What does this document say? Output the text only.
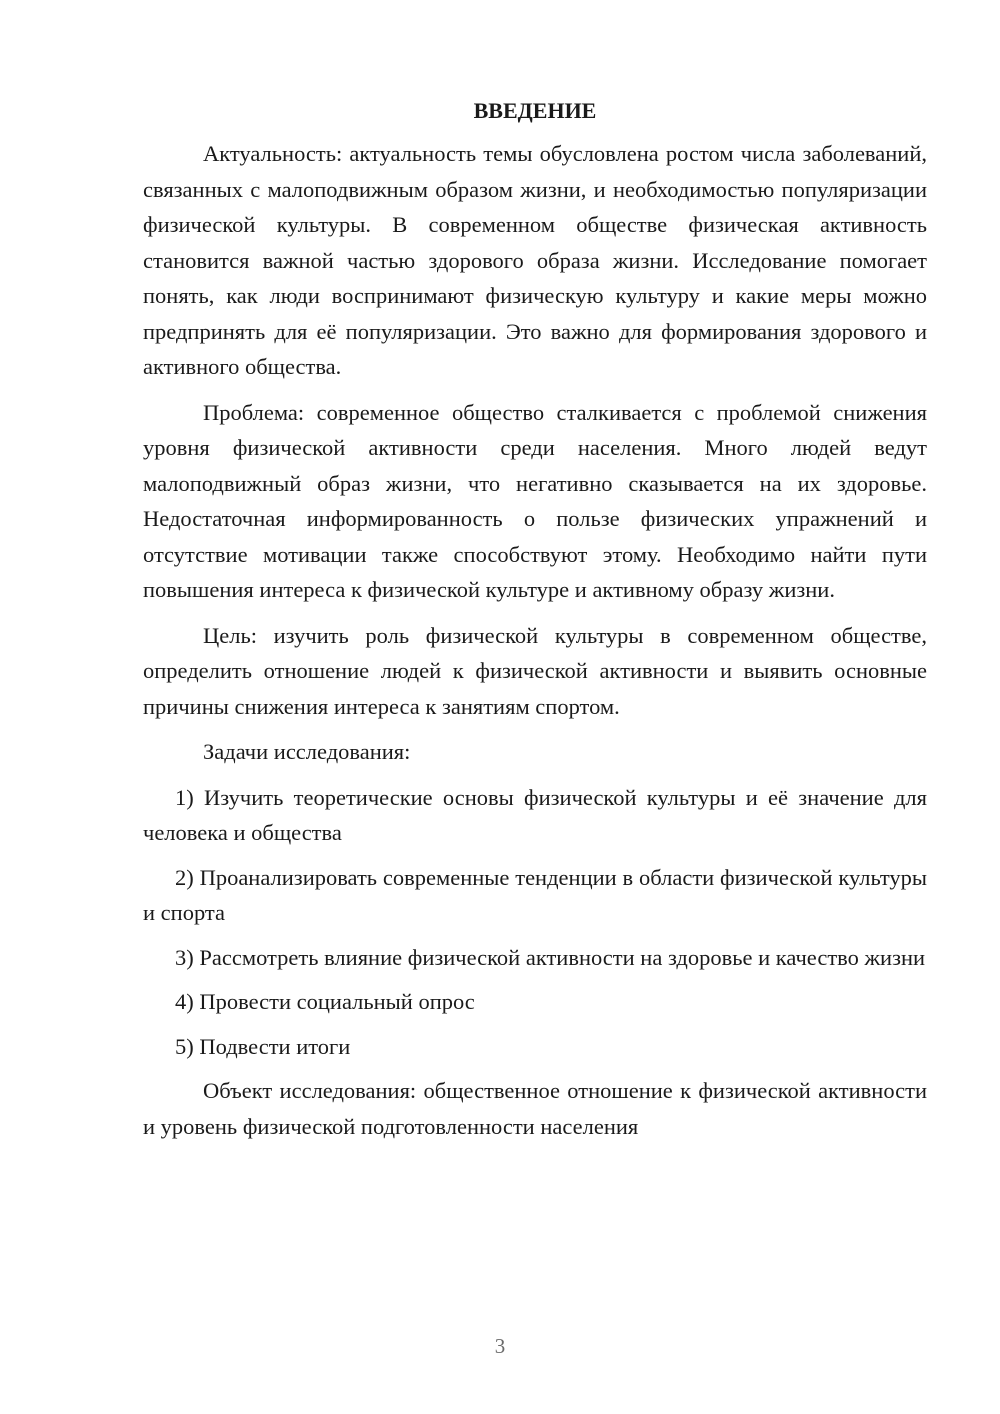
ВВЕДЕНИЕ

Актуальность: актуальность темы обусловлена ростом числа заболеваний, связанных с малоподвижным образом жизни, и необходимостью популяризации физической культуры. В современном обществе физическая активность становится важной частью здорового образа жизни. Исследование помогает понять, как люди воспринимают физическую культуру и какие меры можно предпринять для её популяризации. Это важно для формирования здорового и активного общества.

Проблема: современное общество сталкивается с проблемой снижения уровня физической активности среди населения. Много людей ведут малоподвижный образ жизни, что негативно сказывается на их здоровье. Недостаточная информированность о пользе физических упражнений и отсутствие мотивации также способствуют этому. Необходимо найти пути повышения интереса к физической культуре и активному образу жизни.

Цель: изучить роль физической культуры в современном обществе, определить отношение людей к физической активности и выявить основные причины снижения интереса к занятиям спортом.

Задачи исследования:

1) Изучить теоретические основы физической культуры и её значение для человека и общества

2) Проанализировать современные тенденции в области физической культуры и спорта

3) Рассмотреть влияние физической активности на здоровье и качество жизни

4) Провести социальный опрос

5) Подвести итоги

Объект исследования: общественное отношение к физической активности и уровень физической подготовленности населения

3
